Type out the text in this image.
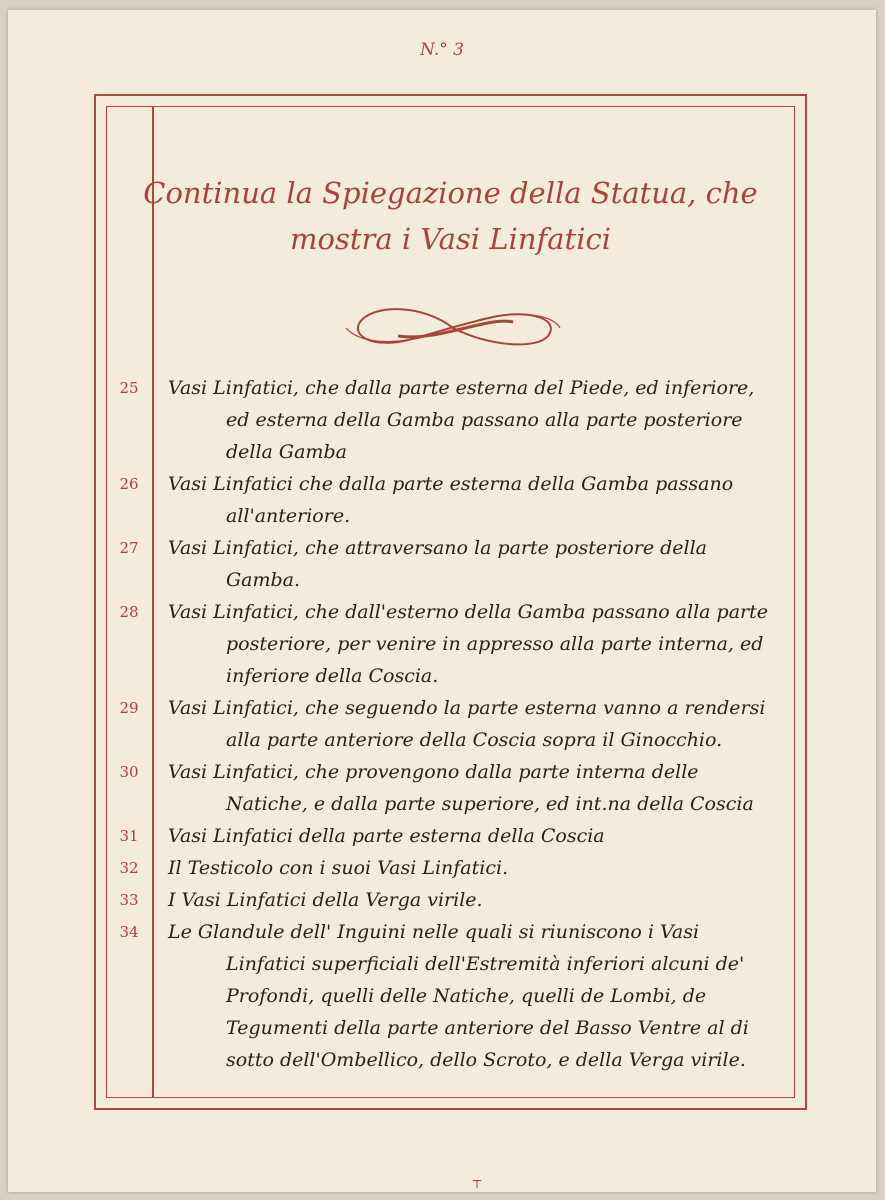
N.° 3
Continua la Spiegazione della Statua, che
mostra i Vasi Linfatici
25	Vasi Linfatici, che dalla parte esterna del Piede, ed inferiore, ed esterna della Gamba passano alla parte posteriore della Gamba
26	Vasi Linfatici che dalla parte esterna della Gamba passano all'anteriore.
27	Vasi Linfatici, che attraversano la parte posteriore della Gamba.
28	Vasi Linfatici, che dall'esterno della Gamba passano alla parte posteriore, per venire in appresso alla parte interna, ed inferiore della Coscia.
29	Vasi Linfatici, che seguendo la parte esterna vanno a rendersi alla parte anteriore della Coscia sopra il Ginocchio.
30	Vasi Linfatici, che provengono dalla parte interna delle Natiche, e dalla parte superiore, ed int.na della Coscia
31	Vasi Linfatici della parte esterna della Coscia
32	Il Testicolo con i suoi Vasi Linfatici.
33	I Vasi Linfatici della Verga virile.
34	Le Glandule dell' Inguini nelle quali si riuniscono i Vasi Linfatici superficiali dell'Estremità inferiori alcuni de' Profondi, quelli delle Natiche, quelli de Lombi, de Tegumenti della parte anteriore del Basso Ventre al di sotto dell'Ombellico, dello Scroto, e della Verga virile.
┬
